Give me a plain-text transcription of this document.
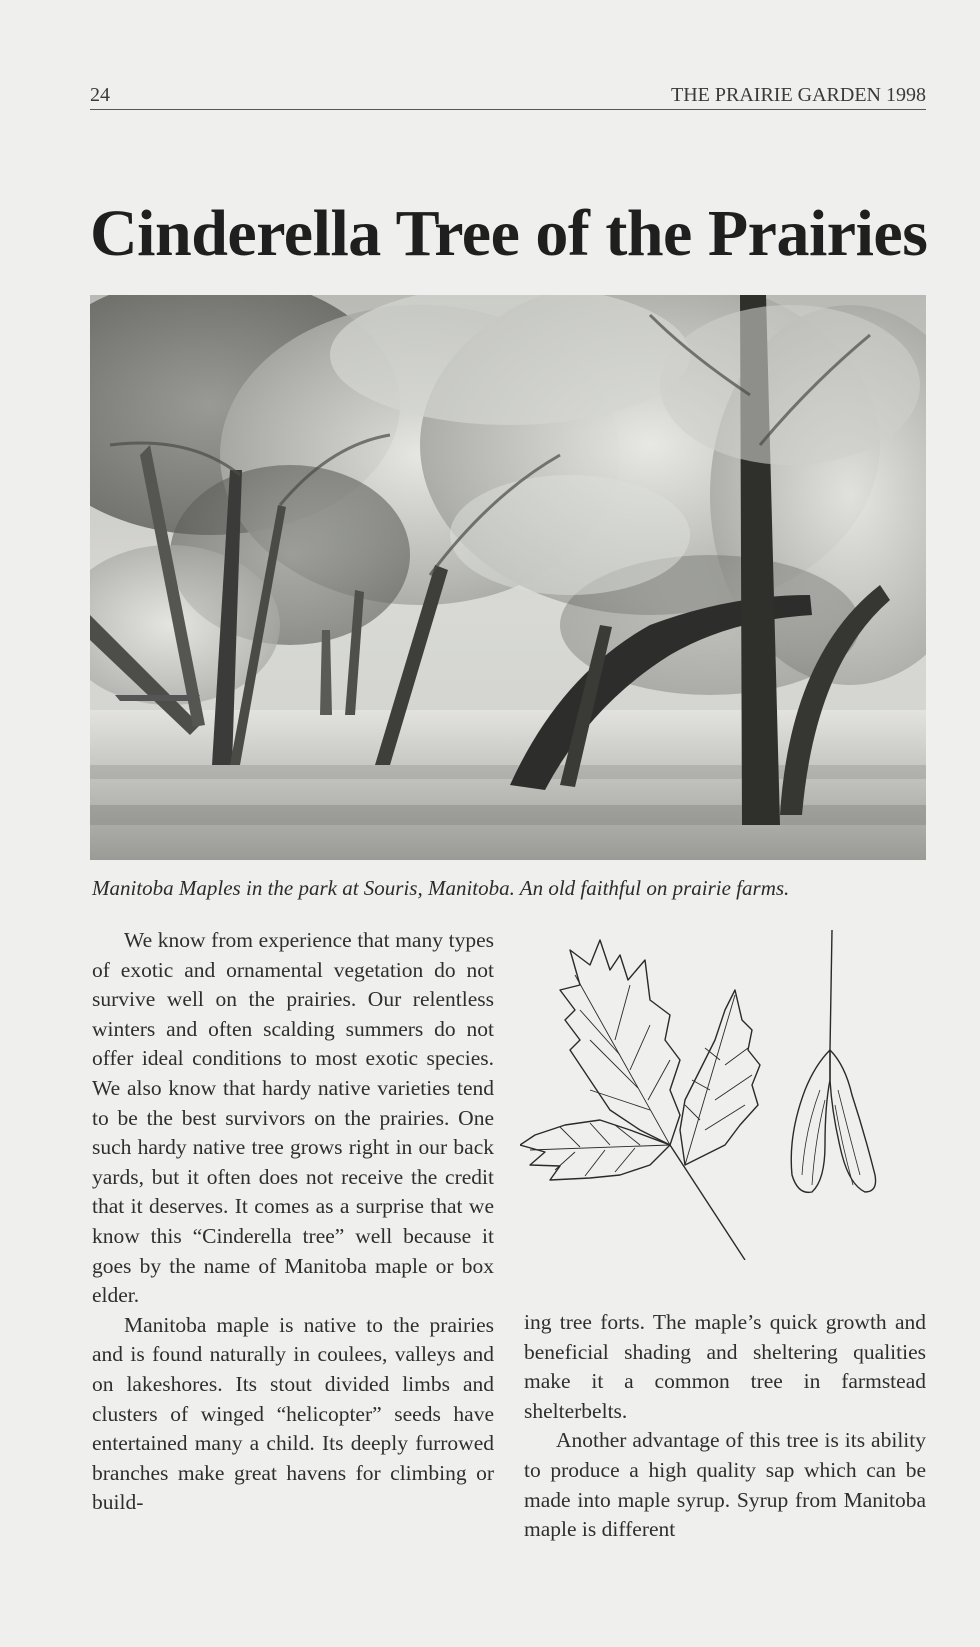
24	THE PRAIRIE GARDEN 1998
Cinderella Tree of the Prairies
Manitoba Maples in the park at Souris, Manitoba. An old faithful on prairie farms.

We know from experience that many types of exotic and ornamental vegetation do not survive well on the prairies. Our relentless winters and often scalding summers do not offer ideal conditions to most exotic species. We also know that hardy native varieties tend to be the best survivors on the prairies. One such hardy native tree grows right in our back yards, but it often does not receive the credit that it deserves. It comes as a surprise that we know this “Cinderella tree” well because it goes by the name of Manitoba maple or box elder.

Manitoba maple is native to the prairies and is found naturally in coulees, valleys and on lakeshores. Its stout divided limbs and clusters of winged “helicopter” seeds have entertained many a child. Its deeply furrowed branches make great havens for climbing or build-

ing tree forts. The maple’s quick growth and beneficial shading and sheltering qualities make it a common tree in farmstead shelterbelts.

Another advantage of this tree is its ability to produce a high quality sap which can be made into maple syrup. Syrup from Manitoba maple is different
